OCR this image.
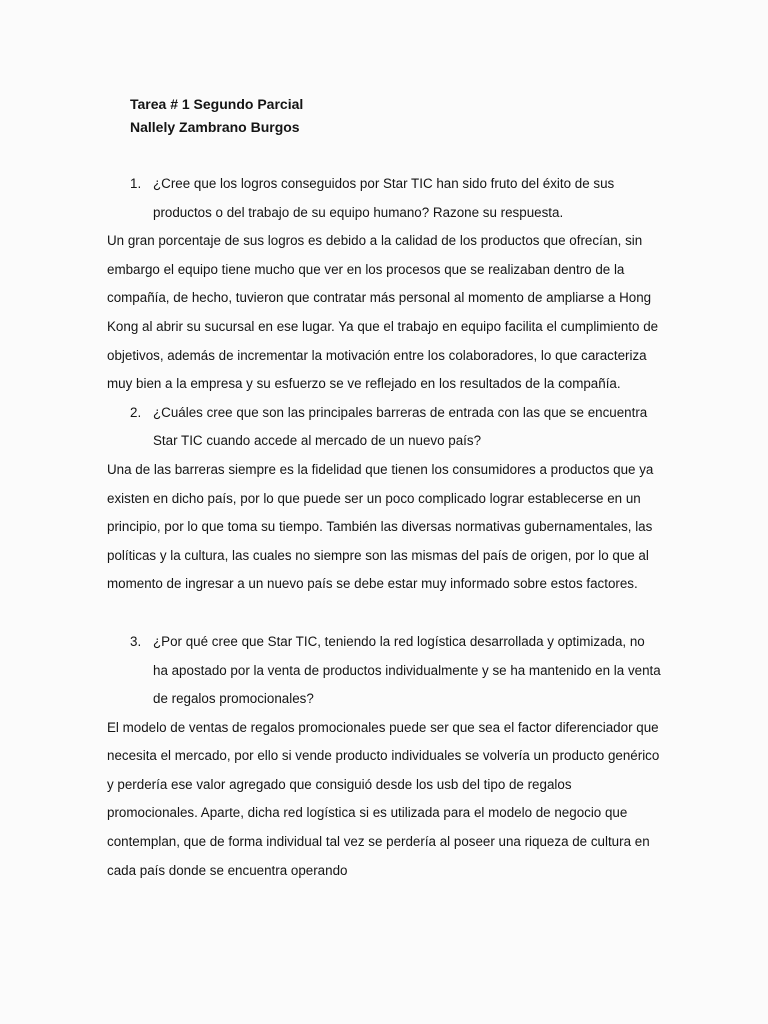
Tarea # 1 Segundo Parcial
Nallely Zambrano Burgos
1. ¿Cree que los logros conseguidos por Star TIC han sido fruto del éxito de sus productos o del trabajo de su equipo humano? Razone su respuesta.

Un gran porcentaje de sus logros es debido a la calidad de los productos que ofrecían, sin embargo el equipo tiene mucho que ver en los procesos que se realizaban dentro de la compañía, de hecho, tuvieron que contratar más personal al momento de ampliarse a Hong Kong al abrir su sucursal en ese lugar. Ya que el trabajo en equipo facilita el cumplimiento de objetivos, además de incrementar la motivación entre los colaboradores, lo que caracteriza muy bien a la empresa y su esfuerzo se ve reflejado en los resultados de la compañía.

2. ¿Cuáles cree que son las principales barreras de entrada con las que se encuentra Star TIC cuando accede al mercado de un nuevo país?

Una de las barreras siempre es la fidelidad que tienen los consumidores a productos que ya existen en dicho país, por lo que puede ser un poco complicado lograr establecerse en un principio, por lo que toma su tiempo. También las diversas normativas gubernamentales, las políticas y la cultura, las cuales no siempre son las mismas del país de origen, por lo que al momento de ingresar a un nuevo país se debe estar muy informado sobre estos factores.

3. ¿Por qué cree que Star TIC, teniendo la red logística desarrollada y optimizada, no ha apostado por la venta de productos individualmente y se ha mantenido en la venta de regalos promocionales?

El modelo de ventas de regalos promocionales puede ser que sea el factor diferenciador que necesita el mercado, por ello si vende producto individuales se volvería un producto genérico y perdería ese valor agregado que consiguió desde los usb del tipo de regalos promocionales. Aparte, dicha red logística si es utilizada para el modelo de negocio que contemplan, que de forma individual tal vez se perdería al poseer una riqueza de cultura en cada país donde se encuentra operando
